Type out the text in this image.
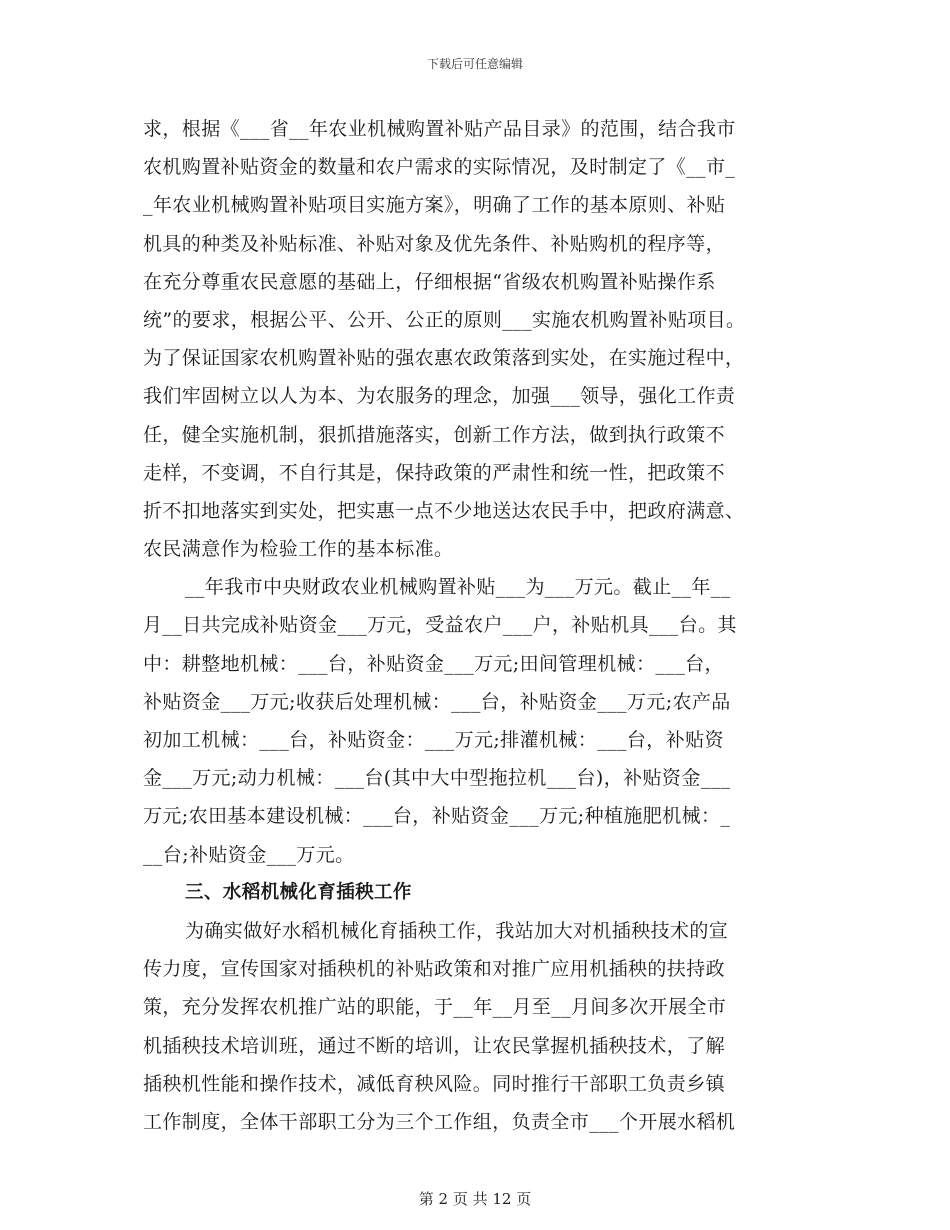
下载后可任意编辑
求，根据《___省__年农业机械购置补贴产品目录》的范围，结合我市
农机购置补贴资金的数量和农户需求的实际情况，及时制定了《__市_
_年农业机械购置补贴项目实施方案》，明确了工作的基本原则、补贴
机具的种类及补贴标准、补贴对象及优先条件、补贴购机的程序等，
在充分尊重农民意愿的基础上，仔细根据“省级农机购置补贴操作系
统”的要求，根据公平、公开、公正的原则___实施农机购置补贴项目。
为了保证国家农机购置补贴的强农惠农政策落到实处，在实施过程中，
我们牢固树立以人为本、为农服务的理念，加强___领导，强化工作责
任，健全实施机制，狠抓措施落实，创新工作方法，做到执行政策不
走样，不变调，不自行其是，保持政策的严肃性和统一性，把政策不
折不扣地落实到实处，把实惠一点不少地送达农民手中，把政府满意、
农民满意作为检验工作的基本标准。
__年我市中央财政农业机械购置补贴___为___万元。截止__年__
月__日共完成补贴资金___万元，受益农户___户，补贴机具___台。其
中：耕整地机械：___台，补贴资金___万元;田间管理机械：___台，
补贴资金___万元;收获后处理机械：___台，补贴资金___万元;农产品
初加工机械：___台，补贴资金：___万元;排灌机械：___台，补贴资
金___万元;动力机械：___台(其中大中型拖拉机___台)，补贴资金___
万元;农田基本建设机械：___台，补贴资金___万元;种植施肥机械：_
__台;补贴资金___万元。
三、水稻机械化育插秧工作
为确实做好水稻机械化育插秧工作，我站加大对机插秧技术的宣
传力度，宣传国家对插秧机的补贴政策和对推广应用机插秧的扶持政
策，充分发挥农机推广站的职能，于__年__月至__月间多次开展全市
机插秧技术培训班，通过不断的培训，让农民掌握机插秧技术，了解
插秧机性能和操作技术，减低育秧风险。同时推行干部职工负责乡镇
工作制度，全体干部职工分为三个工作组，负责全市___个开展水稻机
第 2 页 共 12 页
